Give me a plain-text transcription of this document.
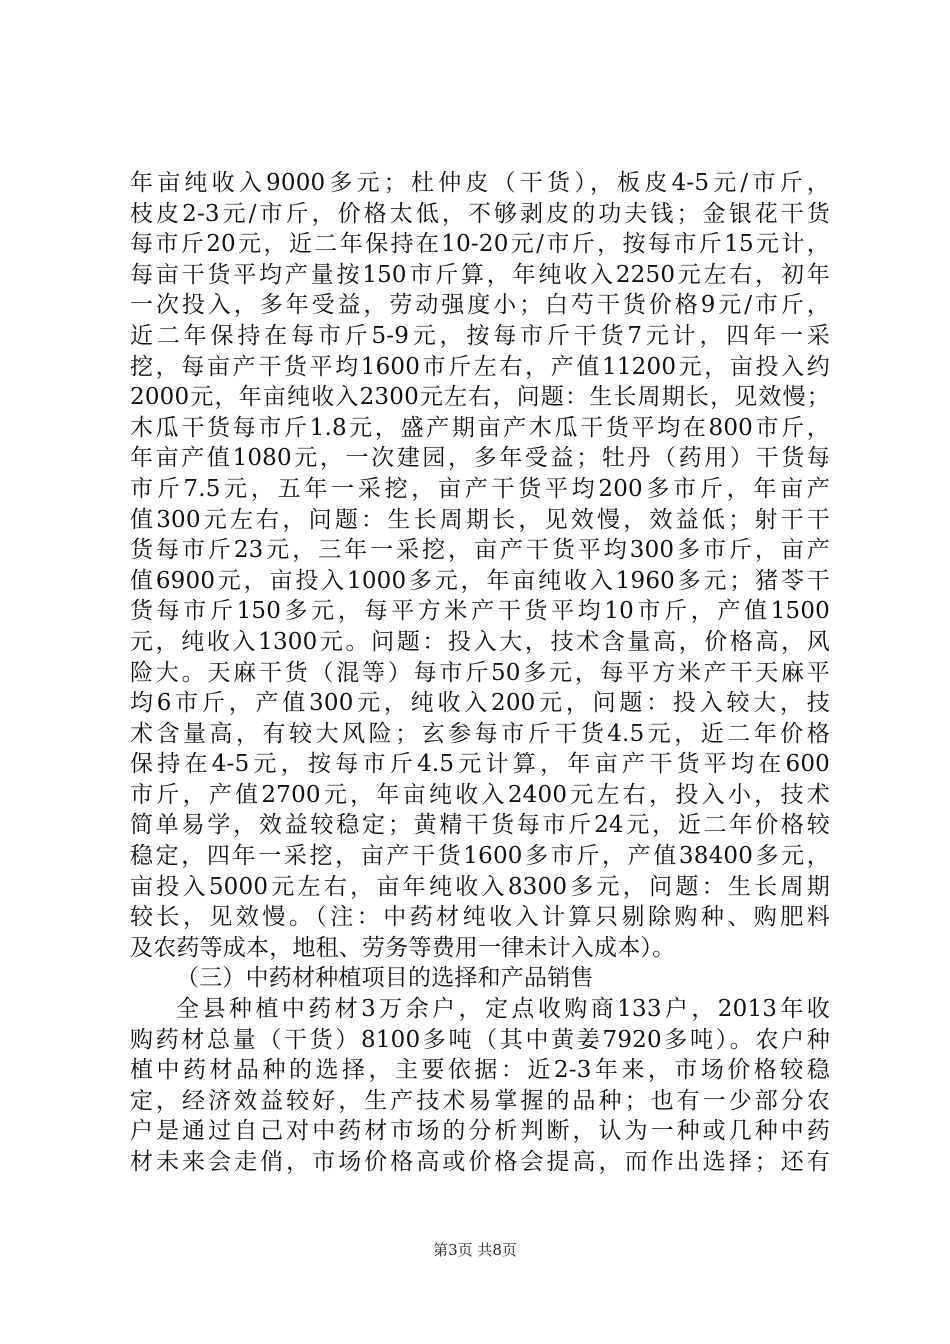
年亩纯收入9000多元；杜仲皮（干货），板皮4-5元/市斤，
枝皮2-3元/市斤，价格太低，不够剥皮的功夫钱；金银花干货
每市斤20元，近二年保持在10-20元/市斤，按每市斤15元计，
每亩干货平均产量按150市斤算，年纯收入2250元左右，初年
一次投入，多年受益，劳动强度小；白芍干货价格9元/市斤，
近二年保持在每市斤5-9元，按每市斤干货7元计，四年一采
挖，每亩产干货平均1600市斤左右，产值11200元，亩投入约
2000元，年亩纯收入2300元左右，问题：生长周期长，见效慢；
木瓜干货每市斤1.8元，盛产期亩产木瓜干货平均在800市斤，
年亩产值1080元，一次建园，多年受益；牡丹（药用）干货每
市斤7.5元，五年一采挖，亩产干货平均200多市斤，年亩产
值300元左右，问题：生长周期长，见效慢，效益低；射干干
货每市斤23元，三年一采挖，亩产干货平均300多市斤，亩产
值6900元，亩投入1000多元，年亩纯收入1960多元；猪苓干
货每市斤150多元，每平方米产干货平均10市斤，产值1500
元，纯收入1300元。问题：投入大，技术含量高，价格高，风
险大。天麻干货（混等）每市斤50多元，每平方米产干天麻平
均6市斤，产值300元，纯收入200元，问题：投入较大，技
术含量高，有较大风险；玄参每市斤干货4.5元，近二年价格
保持在4-5元，按每市斤4.5元计算，年亩产干货平均在600
市斤，产值2700元，年亩纯收入2400元左右，投入小，技术
简单易学，效益较稳定；黄精干货每市斤24元，近二年价格较
稳定，四年一采挖，亩产干货1600多市斤，产值38400多元，
亩投入5000元左右，亩年纯收入8300多元，问题：生长周期
较长，见效慢。（注：中药材纯收入计算只剔除购种、购肥料
及农药等成本，地租、劳务等费用一律未计入成本）。
（三）中药材种植项目的选择和产品销售
全县种植中药材3万余户，定点收购商133户，2013年收
购药材总量（干货）8100多吨（其中黄姜7920多吨）。农户种
植中药材品种的选择，主要依据：近2-3年来，市场价格较稳
定，经济效益较好，生产技术易掌握的品种；也有一少部分农
户是通过自己对中药材市场的分析判断，认为一种或几种中药
材未来会走俏，市场价格高或价格会提高，而作出选择；还有
第3页 共8页
